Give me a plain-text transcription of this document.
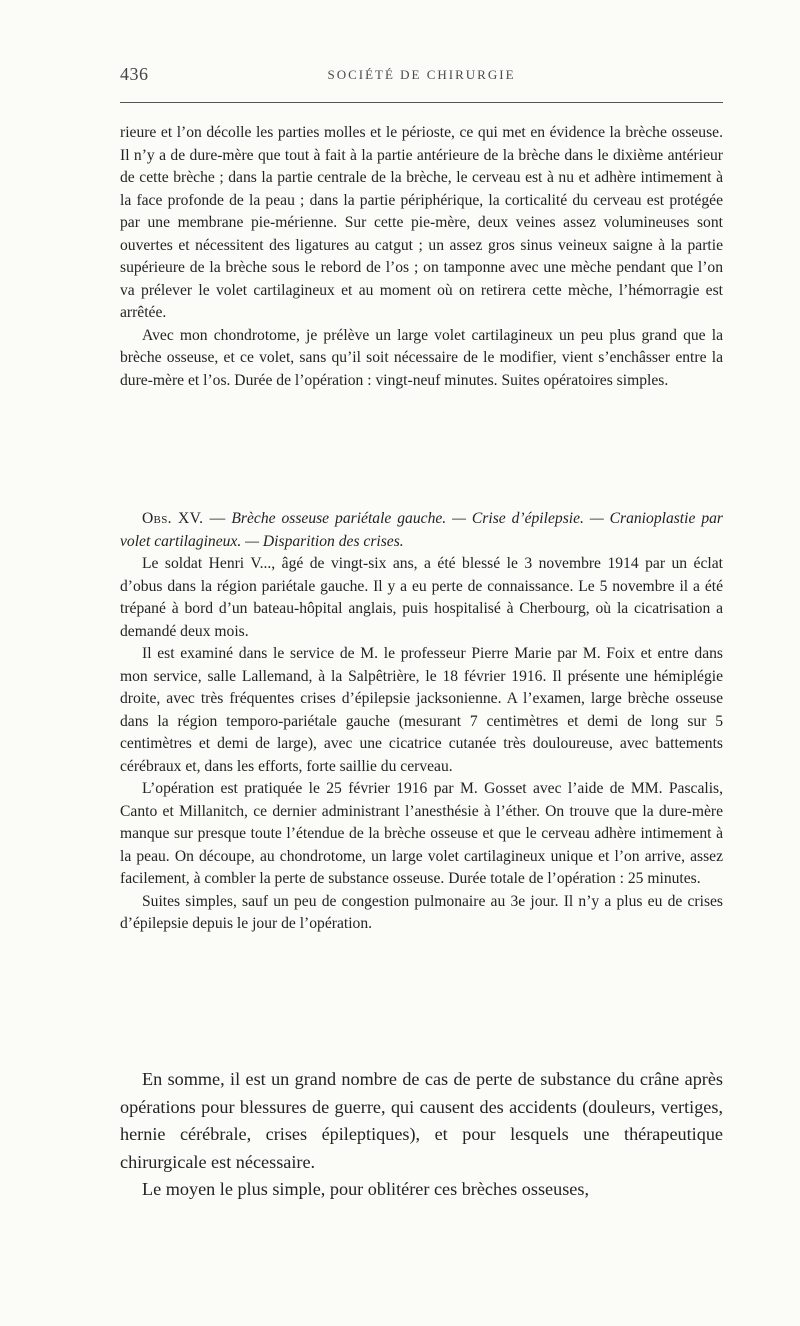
436	SOCIÉTÉ DE CHIRURGIE

rieure et l’on décolle les parties molles et le périoste, ce qui met en évidence la brèche osseuse. Il n’y a de dure-mère que tout à fait à la partie antérieure de la brèche dans le dixième antérieur de cette brèche ; dans la partie centrale de la brèche, le cerveau est à nu et adhère intimement à la face profonde de la peau ; dans la partie périphérique, la corticalité du cerveau est protégée par une membrane pie-mérienne. Sur cette pie-mère, deux veines assez volumineuses sont ouvertes et nécessitent des ligatures au catgut ; un assez gros sinus veineux saigne à la partie supérieure de la brèche sous le rebord de l’os ; on tamponne avec une mèche pendant que l’on va prélever le volet cartilagineux et au moment où on retirera cette mèche, l’hémorragie est arrêtée.

Avec mon chondrotome, je prélève un large volet cartilagineux un peu plus grand que la brèche osseuse, et ce volet, sans qu’il soit nécessaire de le modifier, vient s’enchâsser entre la dure-mère et l’os. Durée de l’opération : vingt-neuf minutes. Suites opératoires simples.

Obs. XV. — Brèche osseuse pariétale gauche. — Crise d’épilepsie. — Cranioplastie par volet cartilagineux. — Disparition des crises.

Le soldat Henri V..., âgé de vingt-six ans, a été blessé le 3 novembre 1914 par un éclat d’obus dans la région pariétale gauche. Il y a eu perte de connaissance. Le 5 novembre il a été trépané à bord d’un bateau-hôpital anglais, puis hospitalisé à Cherbourg, où la cicatrisation a demandé deux mois.

Il est examiné dans le service de M. le professeur Pierre Marie par M. Foix et entre dans mon service, salle Lallemand, à la Salpêtrière, le 18 février 1916. Il présente une hémiplégie droite, avec très fréquentes crises d’épilepsie jacksonienne. A l’examen, large brèche osseuse dans la région temporo-pariétale gauche (mesurant 7 centimètres et demi de long sur 5 centimètres et demi de large), avec une cicatrice cutanée très douloureuse, avec battements cérébraux et, dans les efforts, forte saillie du cerveau.

L’opération est pratiquée le 25 février 1916 par M. Gosset avec l’aide de MM. Pascalis, Canto et Millanitch, ce dernier administrant l’anesthésie à l’éther. On trouve que la dure-mère manque sur presque toute l’étendue de la brèche osseuse et que le cerveau adhère intimement à la peau. On découpe, au chondrotome, un large volet cartilagineux unique et l’on arrive, assez facilement, à combler la perte de substance osseuse. Durée totale de l’opération : 25 minutes.

Suites simples, sauf un peu de congestion pulmonaire au 3e jour. Il n’y a plus eu de crises d’épilepsie depuis le jour de l’opération.

En somme, il est un grand nombre de cas de perte de substance du crâne après opérations pour blessures de guerre, qui causent des accidents (douleurs, vertiges, hernie cérébrale, crises épileptiques), et pour lesquels une thérapeutique chirurgicale est nécessaire.

Le moyen le plus simple, pour oblitérer ces brèches osseuses,
